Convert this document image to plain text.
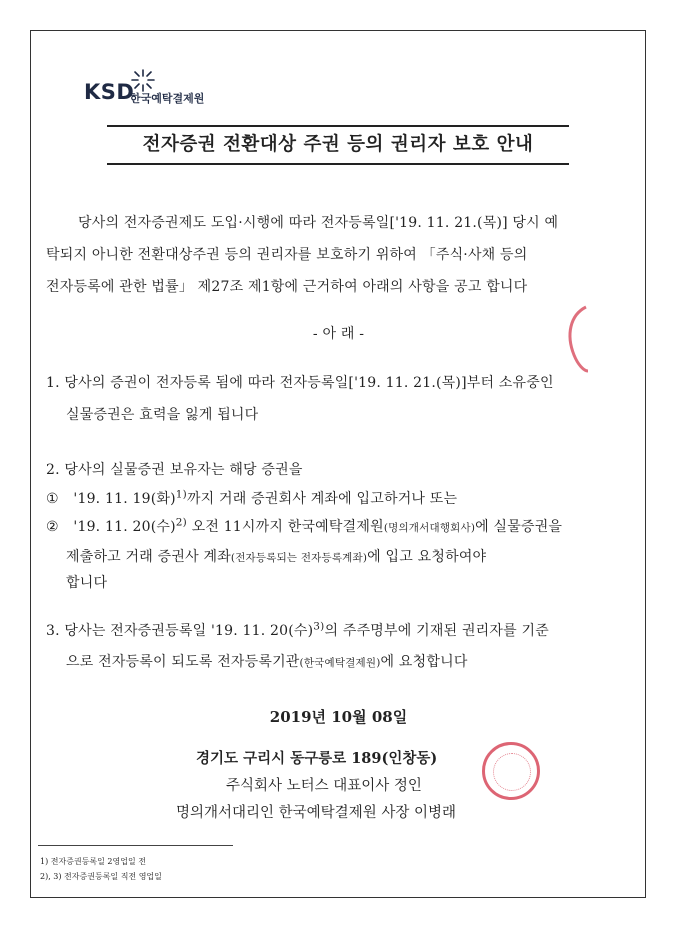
KSD
한국예탁결제원
전자증권 전환대상 주권 등의 권리자 보호 안내
당사의 전자증권제도 도입·시행에 따라 전자등록일['19. 11. 21.(목)] 당시 예
탁되지 아니한 전환대상주권 등의 권리자를 보호하기 위하여 「주식·사채 등의
전자등록에 관한 법률」 제27조 제1항에 근거하여 아래의 사항을 공고 합니다
- 아 래 -
1. 당사의 증권이 전자등록 됨에 따라 전자등록일['19. 11. 21.(목)]부터 소유중인
실물증권은 효력을 잃게 됩니다
2. 당사의 실물증권 보유자는 해당 증권을
① '19. 11. 19(화)$^{1)}$까지 거래 증권회사 계좌에 입고하거나 또는
② '19. 11. 20(수)$^{2)}$ 오전 11시까지 한국예탁결제원(명의개서대행회사)에 실물증권을
제출하고 거래 증권사 계좌(전자등록되는 전자등록계좌)에 입고 요청하여야
합니다
3. 당사는 전자증권등록일 '19. 11. 20(수)$^{3)}$의 주주명부에 기재된 권리자를 기준
으로 전자등록이 되도록 전자등록기관(한국예탁결제원)에 요청합니다
2019년 10월 08일
경기도 구리시 동구릉로 189(인창동)
주식회사 노터스 대표이사 정인
명의개서대리인 한국예탁결제원 사장 이병래
1) 전자증권등록일 2영업일 전
2), 3) 전자증권등록일 직전 영업일
